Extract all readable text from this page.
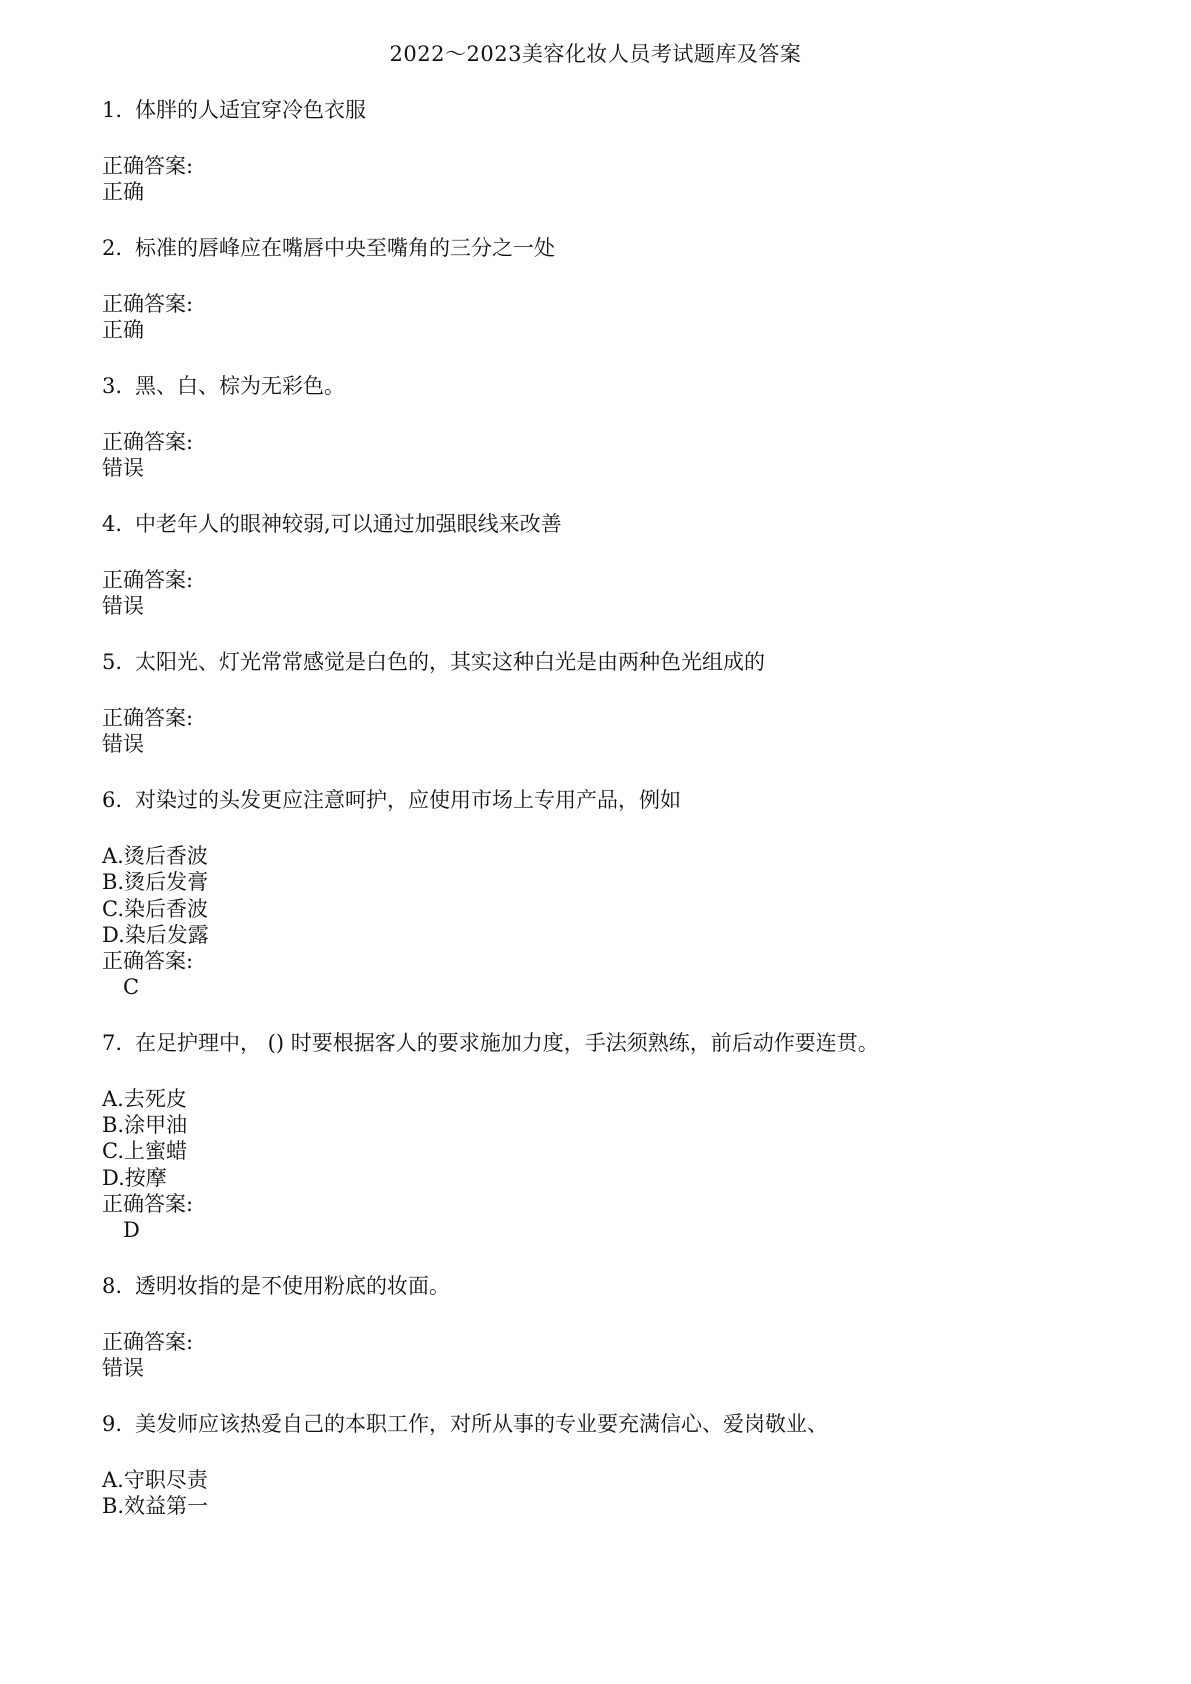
2022～2023美容化妆人员考试题库及答案
1. 体胖的人适宜穿冷色衣服
正确答案:
正确
2. 标准的唇峰应在嘴唇中央至嘴角的三分之一处
正确答案:
正确
3. 黑、白、棕为无彩色。
正确答案:
错误
4. 中老年人的眼神较弱,可以通过加强眼线来改善
正确答案:
错误
5. 太阳光、灯光常常感觉是白色的，其实这种白光是由两种色光组成的
正确答案:
错误
6. 对染过的头发更应注意呵护，应使用市场上专用产品，例如
A.烫后香波
B.烫后发膏
C.染后香波
D.染后发露
正确答案:
C
7. 在足护理中， () 时要根据客人的要求施加力度，手法须熟练，前后动作要连贯。
A.去死皮
B.涂甲油
C.上蜜蜡
D.按摩
正确答案:
D
8. 透明妆指的是不使用粉底的妆面。
正确答案:
错误
9. 美发师应该热爱自己的本职工作，对所从事的专业要充满信心、爱岗敬业、
A.守职尽责
B.效益第一
